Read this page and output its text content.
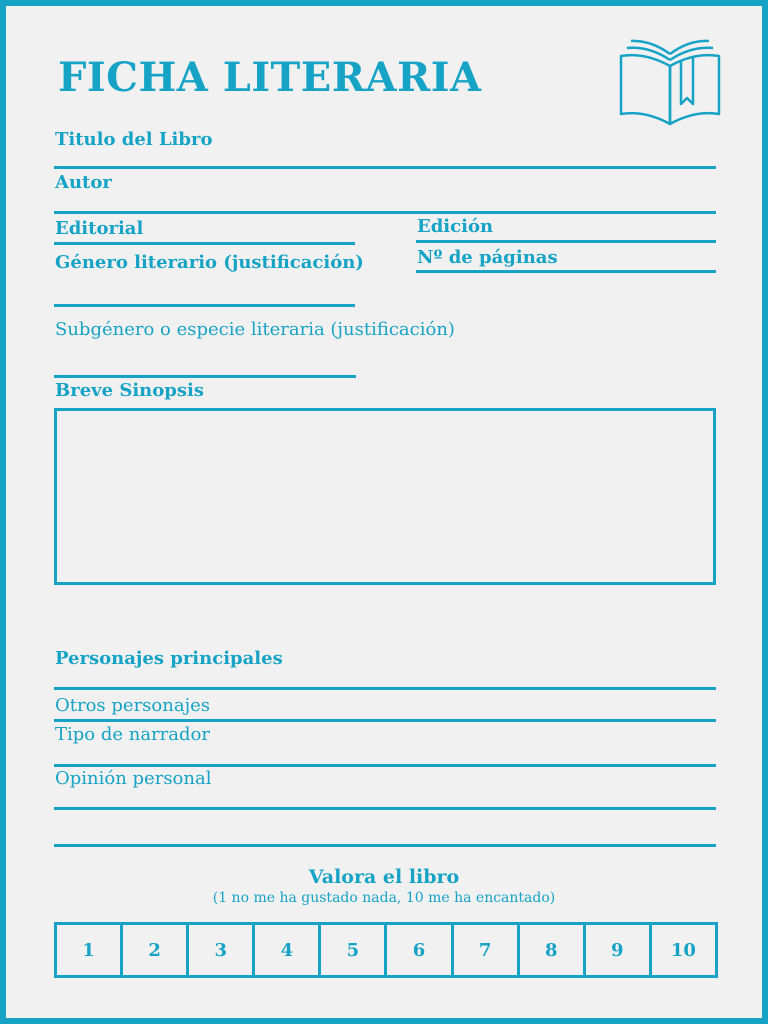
FICHA LITERARIA
Titulo del Libro
Autor
Editorial	Edición
Género literario (justificación)	Nº de páginas
Subgénero o especie literaria (justificación)
Breve Sinopsis
Personajes principales
Otros personajes
Tipo de narrador
Opinión personal
Valora el libro
(1 no me ha gustado nada, 10 me ha encantado)
1	2	3	4	5	6	7	8	9	10
